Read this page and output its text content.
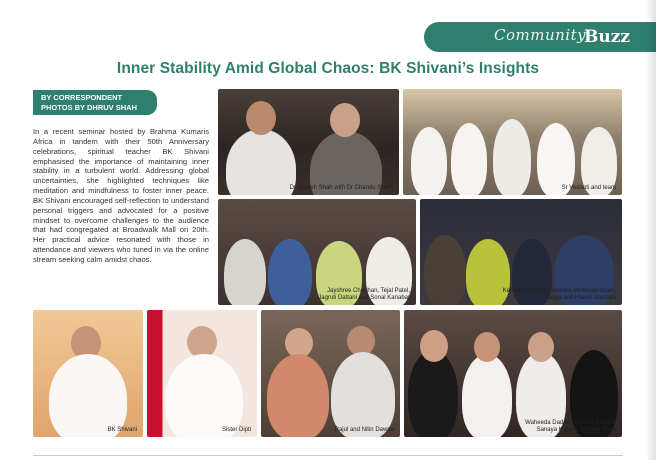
Community
Buzz
Inner Stability Amid Global Chaos: BK Shivani’s Insights
BY CORRESPONDENT
PHOTOS BY DHRUV SHAH
In a recent seminar hosted by Brahma Kumaris Africa in tandem with their 50th Anniversary celebrations, spiritual teacher BK Shivani emphasised the importance of maintaining inner stability in a turbulent world. Addressing global uncertainties, she highlighted techniques like meditation and mindfulness to foster inner peace. BK Shivani encouraged self-reflection to understand personal triggers and advocated for a positive mindset to overcome challenges to the audience that had congregated at Broadwalk Mall on 20th. Her practical advice resonated with those in attendance and viewers who tuned in via the online stream seeking calm amidst chaos.
Dr Manish Shah with Dr Chandu Sheth	Sr Vedanti and team
Jayshree Chauhan, Tejal Patel,
Jagruti Dattani and Sonal Kanabar
Kenneth Olembo, Mekdes Woldeabraham,
Tanya and Harish Samtani
BK Shivani	Sister Dipti	Rajul and Nitin Dawda
Waheeda Dadani, Ushma Kapoor,
Sanaya Kapoor and Ria Shah
